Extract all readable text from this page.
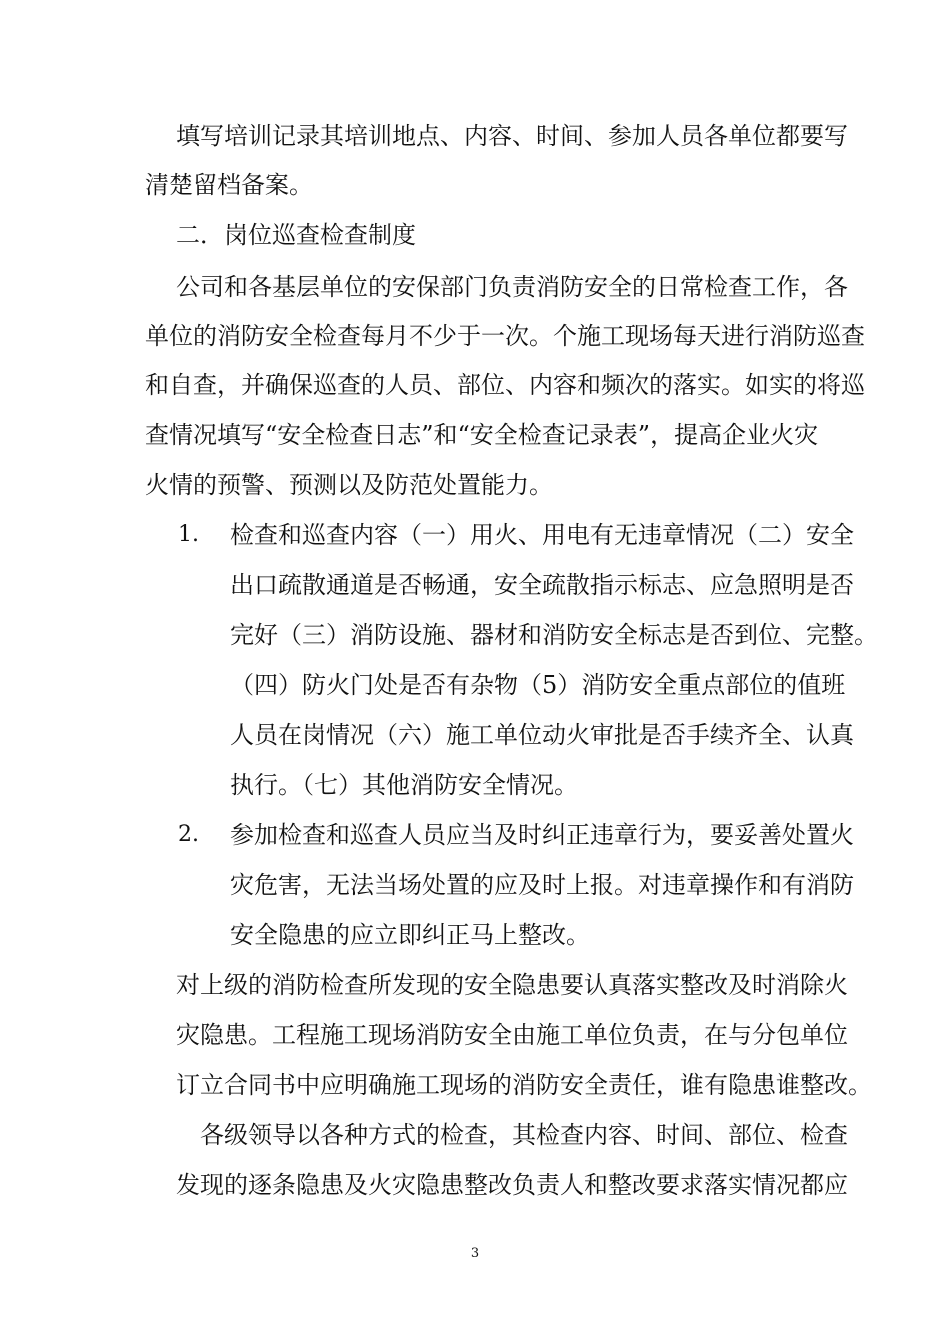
填写培训记录其培训地点、内容、时间、参加人员各单位都要写
清楚留档备案。
二．岗位巡查检查制度
公司和各基层单位的安保部门负责消防安全的日常检查工作，各
单位的消防安全检查每月不少于一次。个施工现场每天进行消防巡查
和自查，并确保巡查的人员、部位、内容和频次的落实。如实的将巡
查情况填写“安全检查日志”和“安全检查记录表”，提高企业火灾
火情的预警、预测以及防范处置能力。
1. 检查和巡查内容（一）用火、用电有无违章情况（二）安全
出口疏散通道是否畅通，安全疏散指示标志、应急照明是否
完好（三）消防设施、器材和消防安全标志是否到位、完整。
（四）防火门处是否有杂物（5）消防安全重点部位的值班
人员在岗情况（六）施工单位动火审批是否手续齐全、认真
执行。（七）其他消防安全情况。
2. 参加检查和巡查人员应当及时纠正违章行为，要妥善处置火
灾危害，无法当场处置的应及时上报。对违章操作和有消防
安全隐患的应立即纠正马上整改。
对上级的消防检查所发现的安全隐患要认真落实整改及时消除火
灾隐患。工程施工现场消防安全由施工单位负责，在与分包单位
订立合同书中应明确施工现场的消防安全责任，谁有隐患谁整改。
各级领导以各种方式的检查，其检查内容、时间、部位、检查
发现的逐条隐患及火灾隐患整改负责人和整改要求落实情况都应
3
